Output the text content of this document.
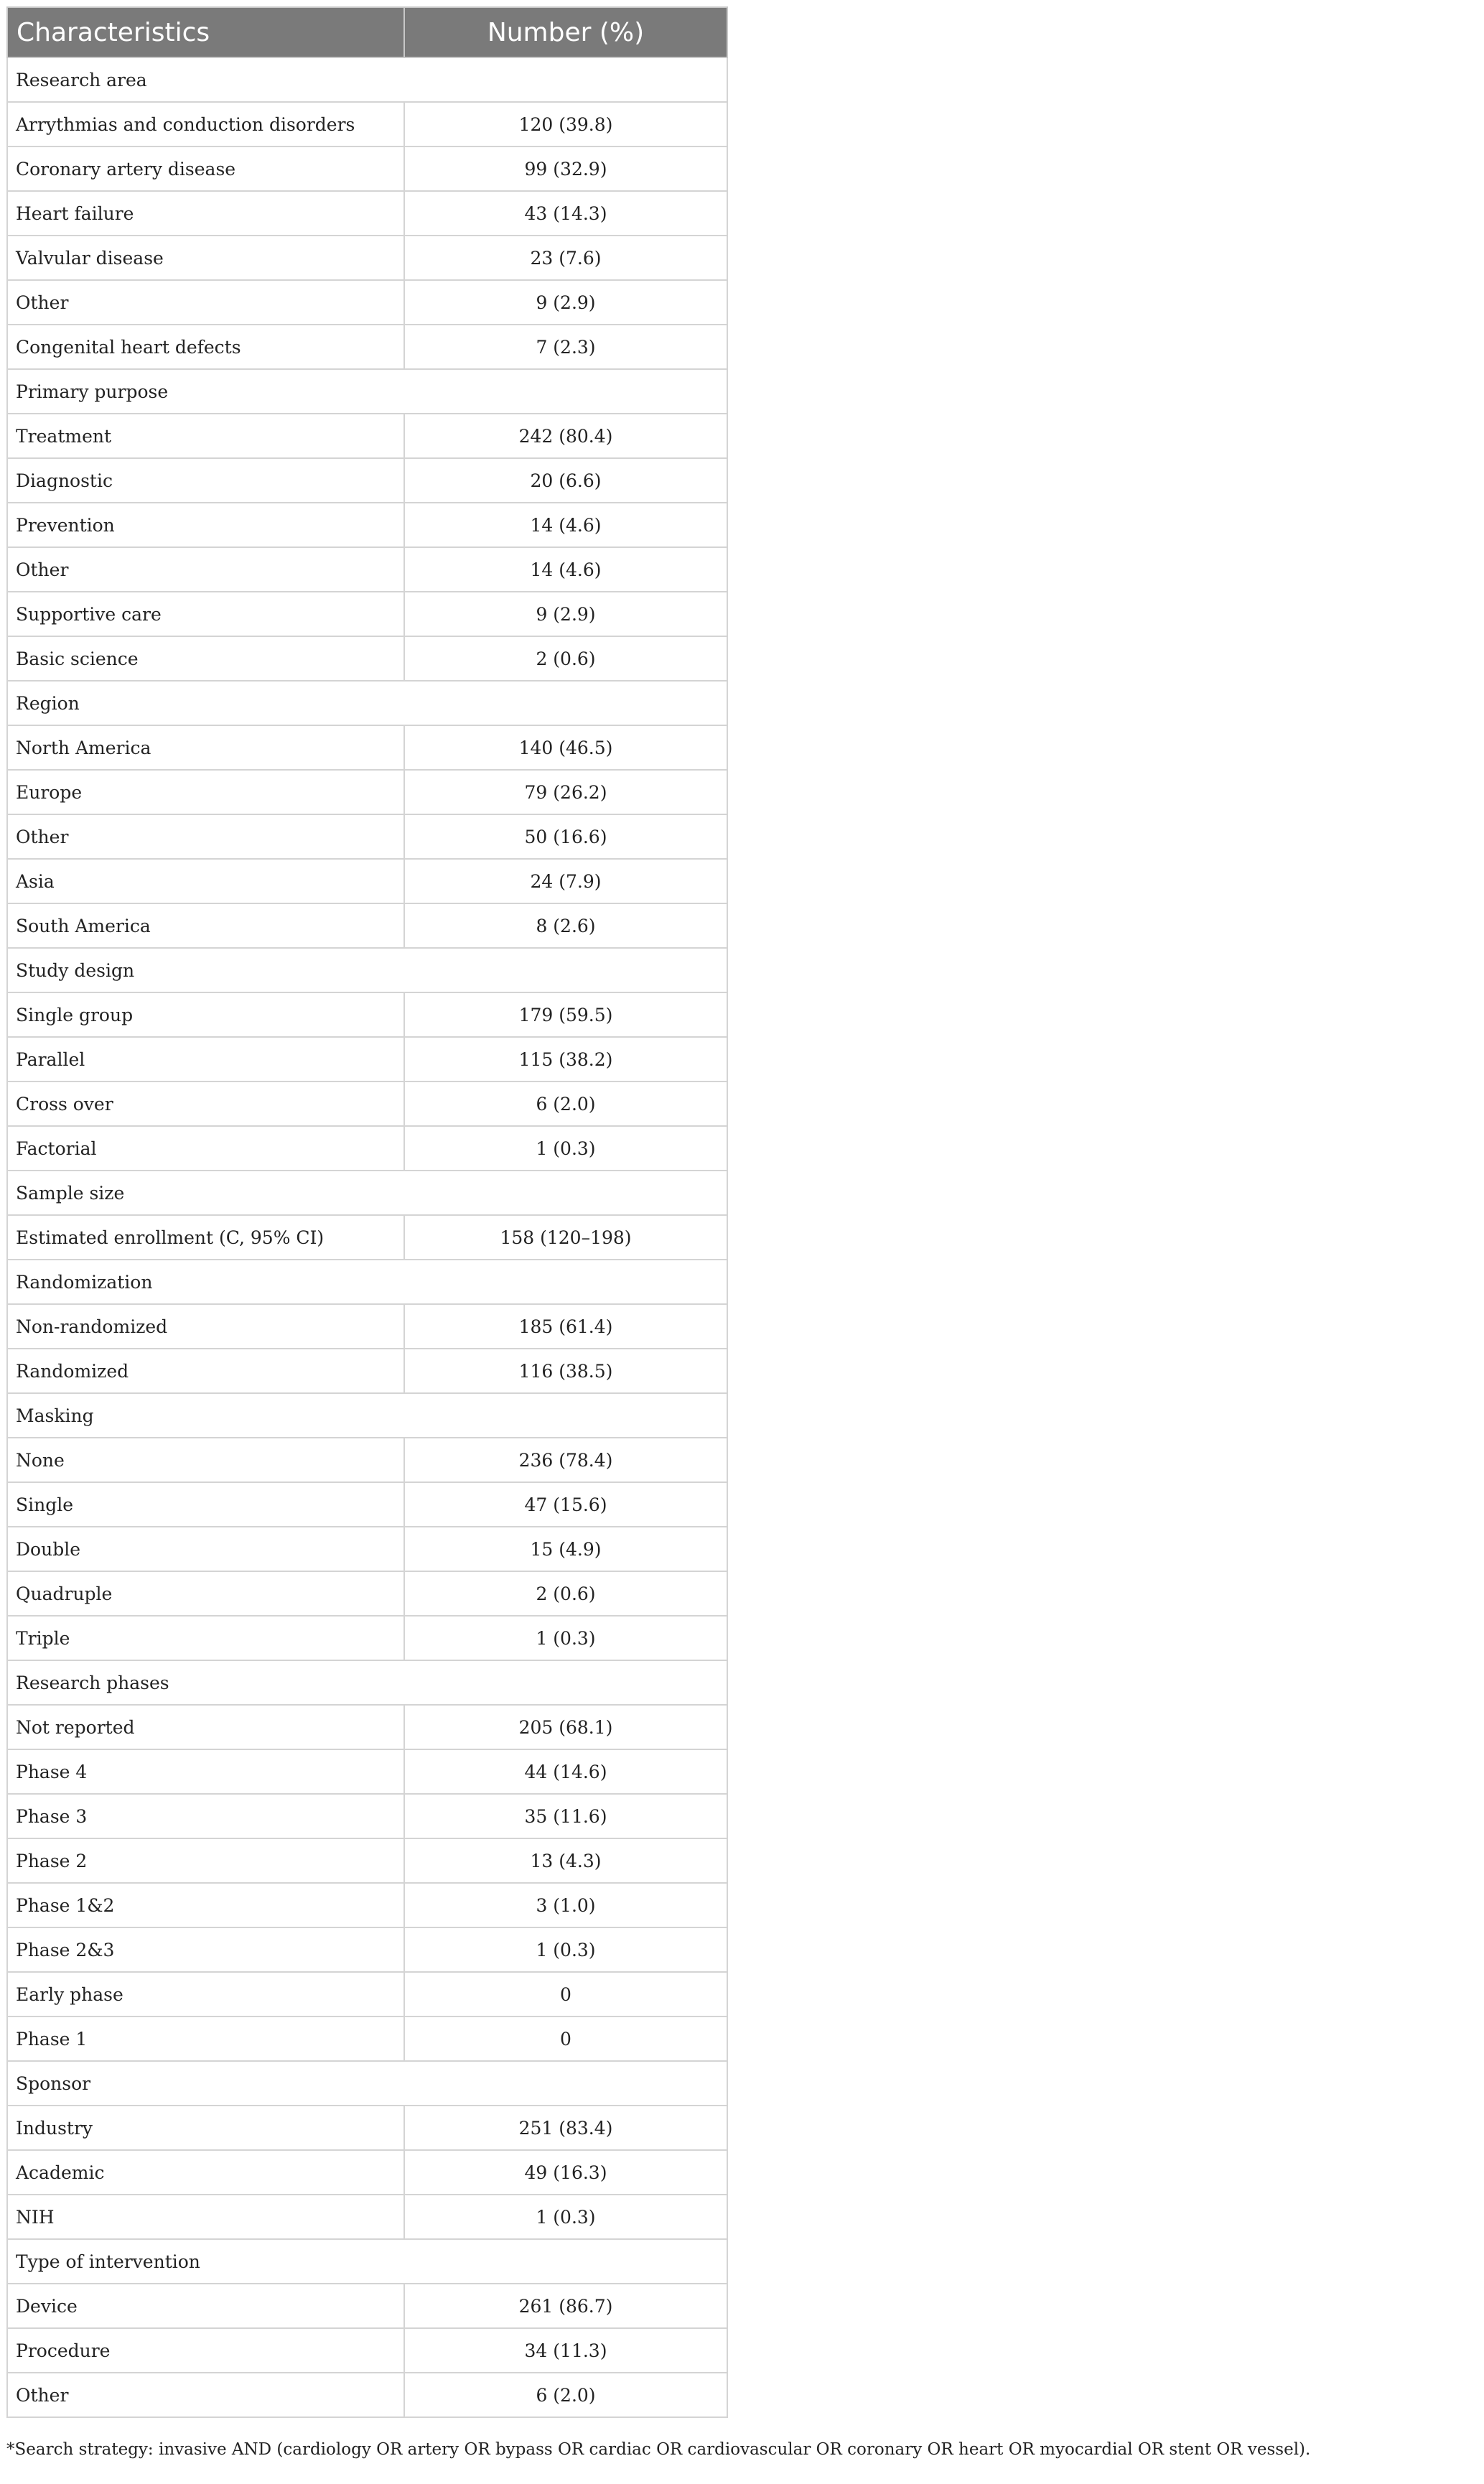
Characteristics	Number (%)
Research area	
Arrythmias and conduction disorders	120 (39.8)
Coronary artery disease	99 (32.9)
Heart failure	43 (14.3)
Valvular disease	23 (7.6)
Other	9 (2.9)
Congenital heart defects	7 (2.3)
Primary purpose	
Treatment	242 (80.4)
Diagnostic	20 (6.6)
Prevention	14 (4.6)
Other	14 (4.6)
Supportive care	9 (2.9)
Basic science	2 (0.6)
Region	
North America	140 (46.5)
Europe	79 (26.2)
Other	50 (16.6)
Asia	24 (7.9)
South America	8 (2.6)
Study design	
Single group	179 (59.5)
Parallel	115 (38.2)
Cross over	6 (2.0)
Factorial	1 (0.3)
Sample size	
Estimated enrollment (C, 95% CI)	158 (120–198)
Randomization	
Non-randomized	185 (61.4)
Randomized	116 (38.5)
Masking	
None	236 (78.4)
Single	47 (15.6)
Double	15 (4.9)
Quadruple	2 (0.6)
Triple	1 (0.3)
Research phases	
Not reported	205 (68.1)
Phase 4	44 (14.6)
Phase 3	35 (11.6)
Phase 2	13 (4.3)
Phase 1&2	3 (1.0)
Phase 2&3	1 (0.3)
Early phase	0
Phase 1	0
Sponsor	
Industry	251 (83.4)
Academic	49 (16.3)
NIH	1 (0.3)
Type of intervention	
Device	261 (86.7)
Procedure	34 (11.3)
Other	6 (2.0)
*Search strategy: invasive AND (cardiology OR artery OR bypass OR cardiac OR cardiovascular OR coronary OR heart OR myocardial OR stent OR vessel).
